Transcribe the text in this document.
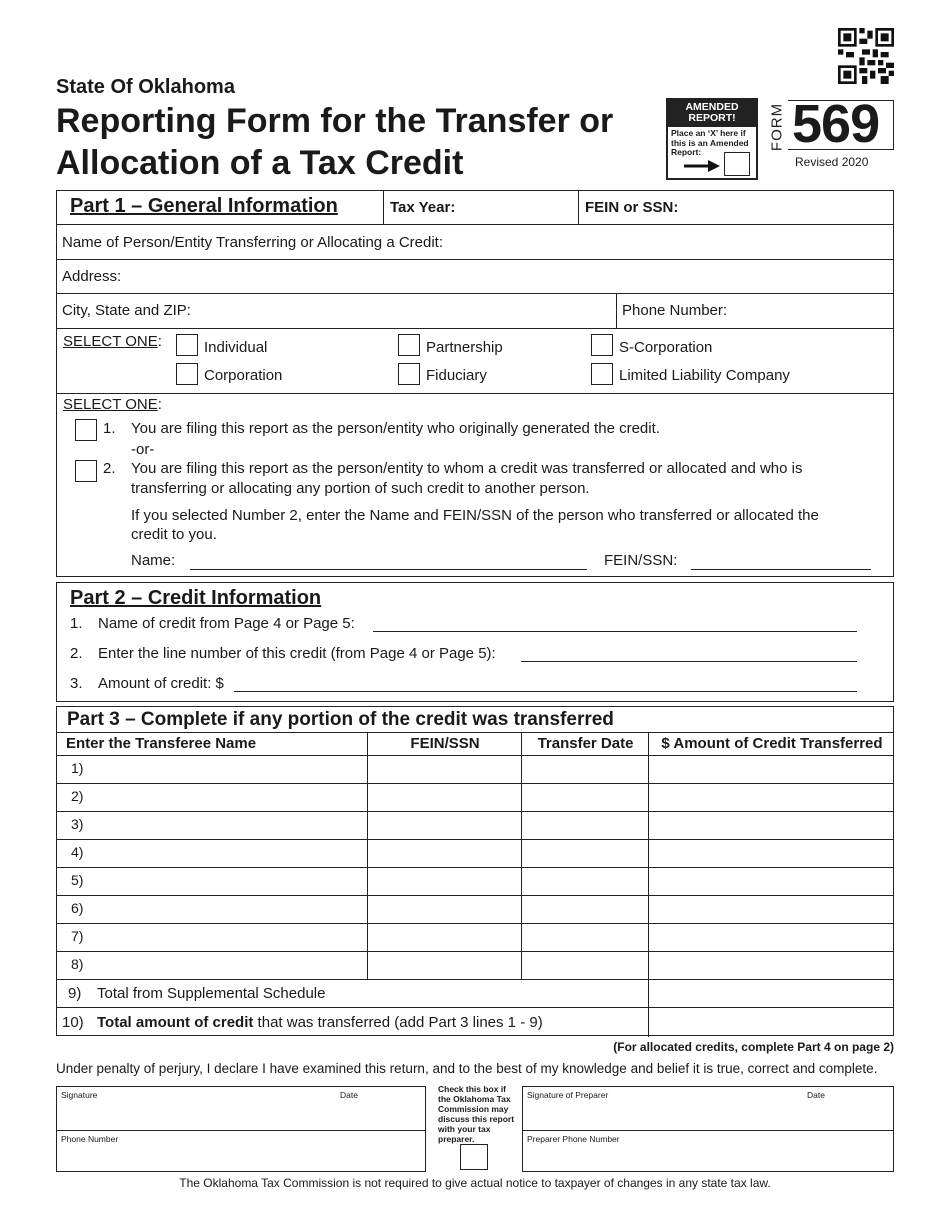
State Of Oklahoma
Reporting Form for the Transfer or
Allocation of a Tax Credit
AMENDED
REPORT!
Place an ‘X’ here if this is an Amended Report:
FORM 569
Revised 2020
Part 1 – General Information	Tax Year:	FEIN or SSN:
Name of Person/Entity Transferring or Allocating a Credit:
Address:
City, State and ZIP:	Phone Number:
SELECT ONE:	Individual	Partnership	S-Corporation
Corporation	Fiduciary	Limited Liability Company
SELECT ONE:
1. You are filing this report as the person/entity who originally generated the credit.
-or-
2. You are filing this report as the person/entity to whom a credit was transferred or allocated and who is
transferring or allocating any portion of such credit to another person.
If you selected Number 2, enter the Name and FEIN/SSN of the person who transferred or allocated the
credit to you.
Name:	FEIN/SSN:
Part 2 – Credit Information
1. Name of credit from Page 4 or Page 5:
2. Enter the line number of this credit (from Page 4 or Page 5):
3. Amount of credit: $
Part 3 – Complete if any portion of the credit was transferred
Enter the Transferee Name	FEIN/SSN	Transfer Date	$ Amount of Credit Transferred
1)
2)
3)
4)
5)
6)
7)
8)
9) Total from Supplemental Schedule
10) Total amount of credit that was transferred (add Part 3 lines 1 - 9)
(For allocated credits, complete Part 4 on page 2)
Under penalty of perjury, I declare I have examined this return, and to the best of my knowledge and belief it is true, correct and complete.
Signature	Date
Phone Number
Check this box if the Oklahoma Tax Commission may discuss this report with your tax preparer.
Signature of Preparer	Date
Preparer Phone Number
The Oklahoma Tax Commission is not required to give actual notice to taxpayer of changes in any state tax law.
